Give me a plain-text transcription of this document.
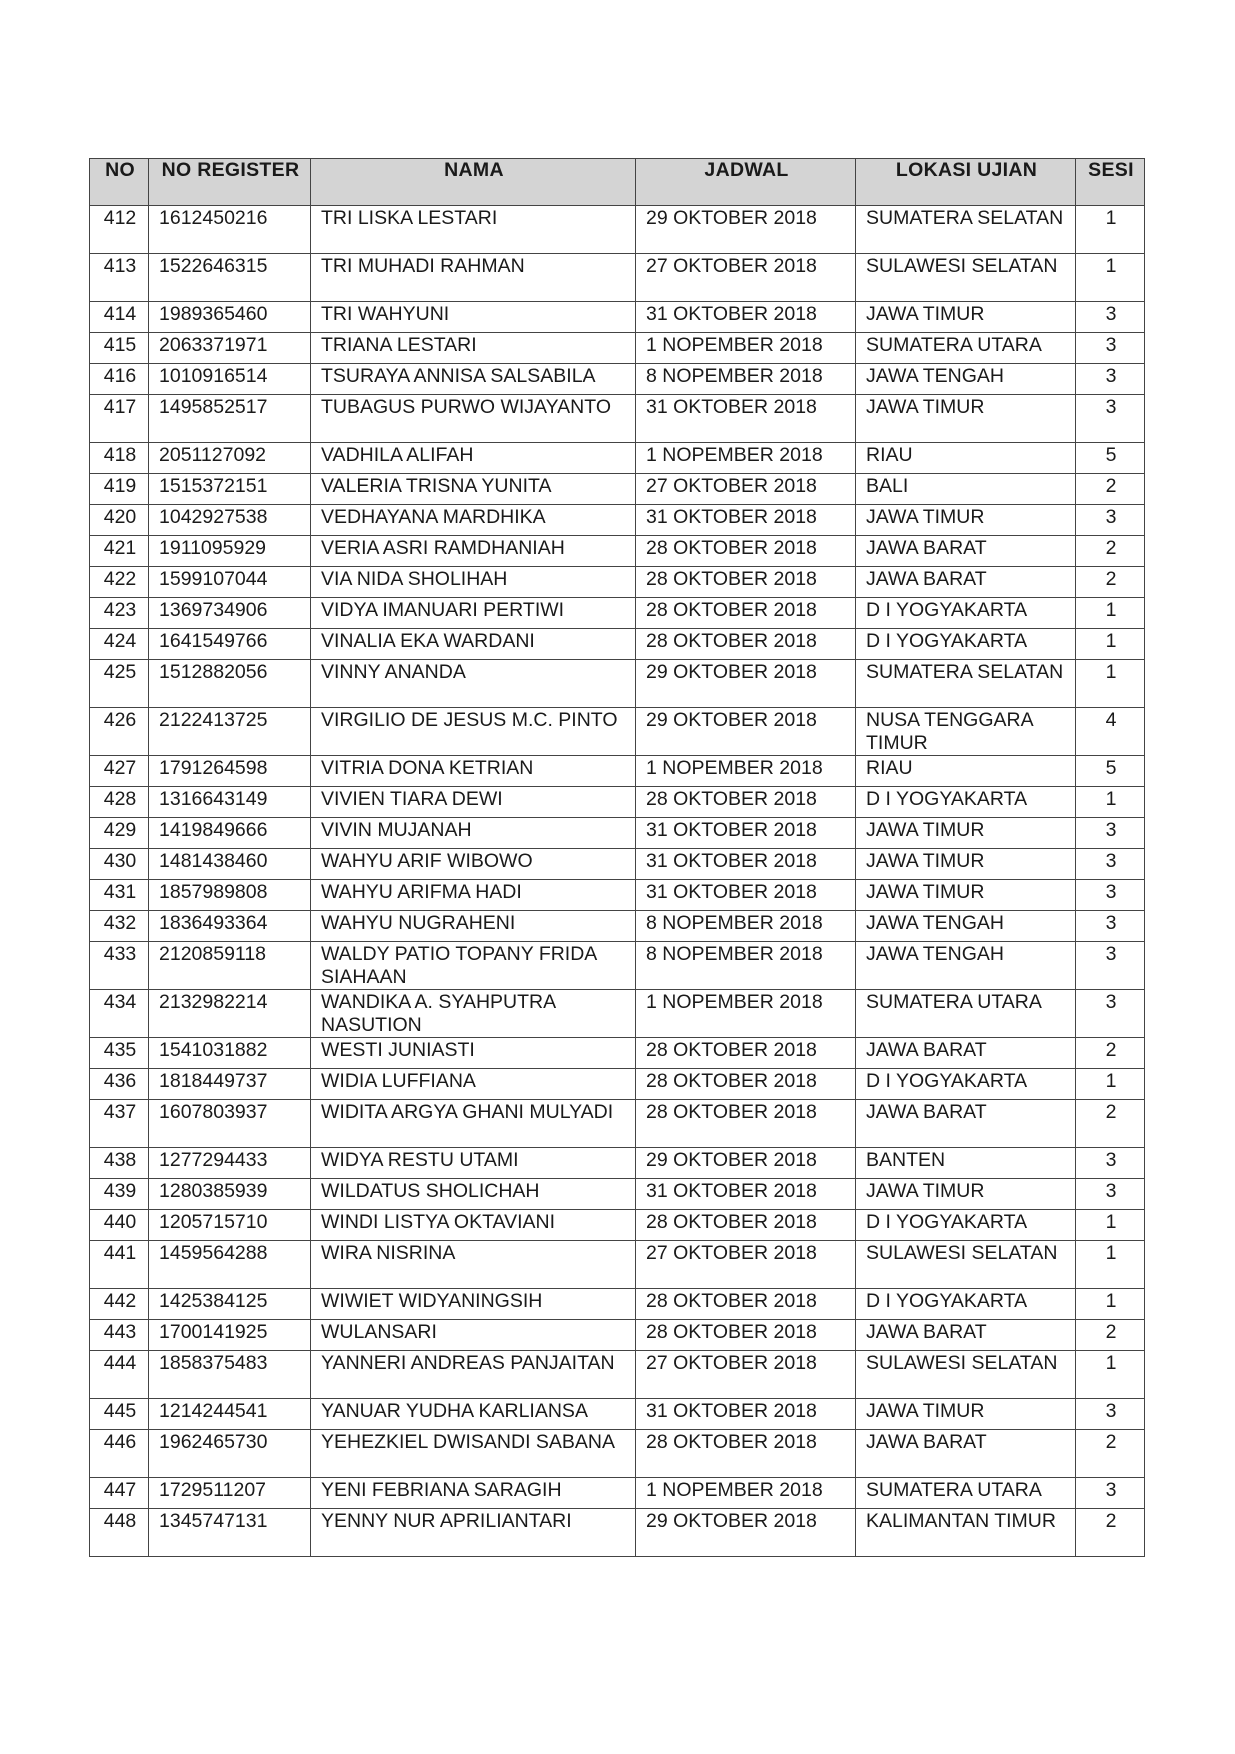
NO	NO REGISTER	NAMA	JADWAL	LOKASI UJIAN	SESI
412	1612450216	TRI LISKA LESTARI	29 OKTOBER 2018	SUMATERA SELATAN	1
413	1522646315	TRI MUHADI RAHMAN	27 OKTOBER 2018	SULAWESI SELATAN	1
414	1989365460	TRI WAHYUNI	31 OKTOBER 2018	JAWA TIMUR	3
415	2063371971	TRIANA LESTARI	1 NOPEMBER 2018	SUMATERA UTARA	3
416	1010916514	TSURAYA ANNISA SALSABILA	8 NOPEMBER 2018	JAWA TENGAH	3
417	1495852517	TUBAGUS PURWO WIJAYANTO	31 OKTOBER 2018	JAWA TIMUR	3
418	2051127092	VADHILA ALIFAH	1 NOPEMBER 2018	RIAU	5
419	1515372151	VALERIA TRISNA YUNITA	27 OKTOBER 2018	BALI	2
420	1042927538	VEDHAYANA MARDHIKA	31 OKTOBER 2018	JAWA TIMUR	3
421	1911095929	VERIA ASRI RAMDHANIAH	28 OKTOBER 2018	JAWA BARAT	2
422	1599107044	VIA NIDA SHOLIHAH	28 OKTOBER 2018	JAWA BARAT	2
423	1369734906	VIDYA IMANUARI PERTIWI	28 OKTOBER 2018	D I YOGYAKARTA	1
424	1641549766	VINALIA EKA WARDANI	28 OKTOBER 2018	D I YOGYAKARTA	1
425	1512882056	VINNY ANANDA	29 OKTOBER 2018	SUMATERA SELATAN	1
426	2122413725	VIRGILIO DE JESUS M.C. PINTO	29 OKTOBER 2018	NUSA TENGGARA TIMUR	4
427	1791264598	VITRIA DONA KETRIAN	1 NOPEMBER 2018	RIAU	5
428	1316643149	VIVIEN TIARA DEWI	28 OKTOBER 2018	D I YOGYAKARTA	1
429	1419849666	VIVIN MUJANAH	31 OKTOBER 2018	JAWA TIMUR	3
430	1481438460	WAHYU ARIF WIBOWO	31 OKTOBER 2018	JAWA TIMUR	3
431	1857989808	WAHYU ARIFMA HADI	31 OKTOBER 2018	JAWA TIMUR	3
432	1836493364	WAHYU NUGRAHENI	8 NOPEMBER 2018	JAWA TENGAH	3
433	2120859118	WALDY PATIO TOPANY FRIDA SIAHAAN	8 NOPEMBER 2018	JAWA TENGAH	3
434	2132982214	WANDIKA A. SYAHPUTRA NASUTION	1 NOPEMBER 2018	SUMATERA UTARA	3
435	1541031882	WESTI JUNIASTI	28 OKTOBER 2018	JAWA BARAT	2
436	1818449737	WIDIA LUFFIANA	28 OKTOBER 2018	D I YOGYAKARTA	1
437	1607803937	WIDITA ARGYA GHANI MULYADI	28 OKTOBER 2018	JAWA BARAT	2
438	1277294433	WIDYA RESTU UTAMI	29 OKTOBER 2018	BANTEN	3
439	1280385939	WILDATUS SHOLICHAH	31 OKTOBER 2018	JAWA TIMUR	3
440	1205715710	WINDI LISTYA OKTAVIANI	28 OKTOBER 2018	D I YOGYAKARTA	1
441	1459564288	WIRA NISRINA	27 OKTOBER 2018	SULAWESI SELATAN	1
442	1425384125	WIWIET WIDYANINGSIH	28 OKTOBER 2018	D I YOGYAKARTA	1
443	1700141925	WULANSARI	28 OKTOBER 2018	JAWA BARAT	2
444	1858375483	YANNERI ANDREAS PANJAITAN	27 OKTOBER 2018	SULAWESI SELATAN	1
445	1214244541	YANUAR YUDHA KARLIANSA	31 OKTOBER 2018	JAWA TIMUR	3
446	1962465730	YEHEZKIEL DWISANDI SABANA	28 OKTOBER 2018	JAWA BARAT	2
447	1729511207	YENI FEBRIANA SARAGIH	1 NOPEMBER 2018	SUMATERA UTARA	3
448	1345747131	YENNY NUR APRILIANTARI	29 OKTOBER 2018	KALIMANTAN TIMUR	2
